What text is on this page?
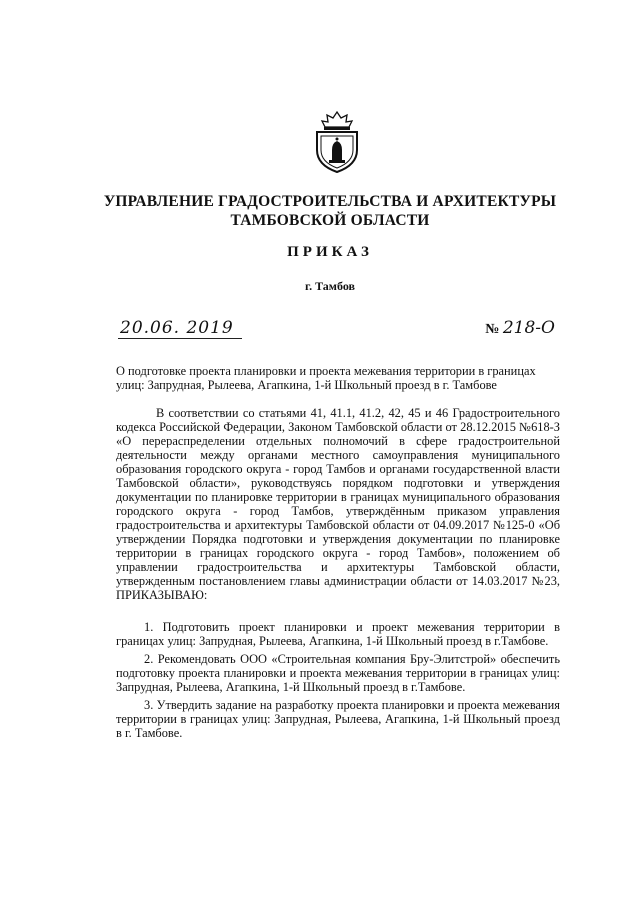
УПРАВЛЕНИЕ ГРАДОСТРОИТЕЛЬСТВА И АРХИТЕКТУРЫ
ТАМБОВСКОЙ ОБЛАСТИ
ПРИКАЗ
г. Тамбов
20.06. 2019	№ 218-О
О подготовке проекта планировки и проекта межевания территории в границах
улиц: Запрудная, Рылеева, Агапкина, 1-й Школьный проезд в г. Тамбове

В соответствии со статьями 41, 41.1, 41.2, 42, 45 и 46 Градостроительного кодекса Российской Федерации, Законом Тамбовской области от 28.12.2015 №618-З «О перераспределении отдельных полномочий в сфере градостроительной деятельности между органами местного самоуправления муниципального образования городского округа - город Тамбов и органами государственной власти Тамбовской области», руководствуясь порядком подготовки и утверждения документации по планировке территории в границах муниципального образования городского округа - город Тамбов, утверждённым приказом управления градостроительства и архитектуры Тамбовской области от 04.09.2017 №125-0 «Об утверждении Порядка подготовки и утверждения документации по планировке территории в границах городского округа - город Тамбов», положением об управлении градостроительства и архитектуры Тамбовской области, утвержденным постановлением главы администрации области от 14.03.2017 №23, ПРИКАЗЫВАЮ:

1. Подготовить проект планировки и проект межевания территории в границах улиц: Запрудная, Рылеева, Агапкина, 1-й Школьный проезд в г.Тамбове.

2. Рекомендовать ООО «Строительная компания Бру-Элитстрой» обеспечить подготовку проекта планировки и проекта межевания территории в границах улиц: Запрудная, Рылеева, Агапкина, 1-й Школьный проезд в г.Тамбове.

3. Утвердить задание на разработку проекта планировки и проекта межевания территории в границах улиц: Запрудная, Рылеева, Агапкина, 1-й Школьный проезд в г. Тамбове.
